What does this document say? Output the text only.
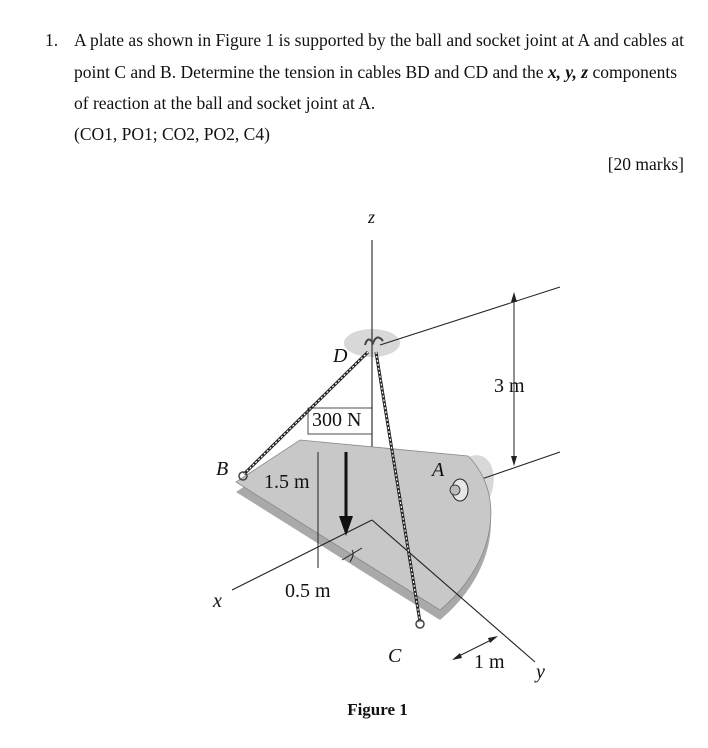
1. A plate as shown in Figure 1 is supported by the ball and socket joint at A and cables at
point C and B. Determine the tension in cables BD and CD and the x, y, z components
of reaction at the ball and socket joint at A.
(CO1, PO1; CO2, PO2, C4)
[20 marks]
z
D
B	A
C
300 N
3 m
1.5 m
0.5 m
1 m
x
y
Figure 1
